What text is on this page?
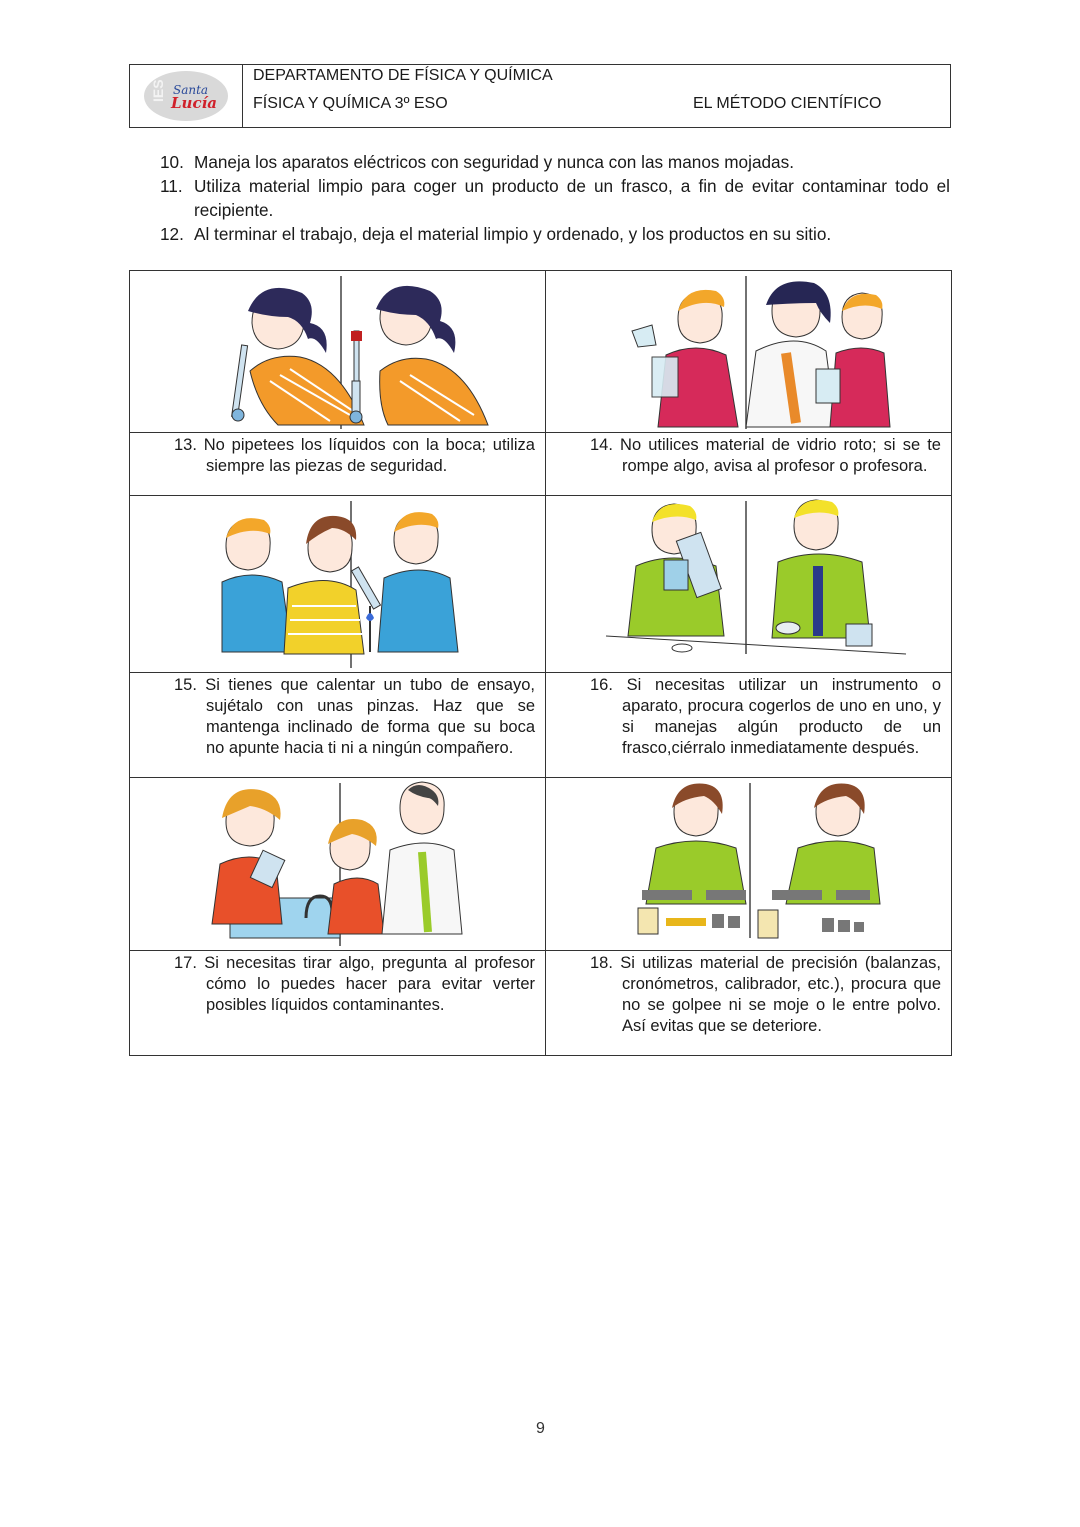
IES Santa
Lucía
DEPARTAMENTO DE FÍSICA Y QUÍMICA
FÍSICA Y QUÍMICA 3º ESO	EL MÉTODO CIENTÍFICO
10. Maneja los aparatos eléctricos con seguridad y nunca con las manos mojadas.
11. Utiliza material limpio para coger un producto de un frasco, a fin de evitar contaminar todo el recipiente.
12. Al terminar el trabajo, deja el material limpio y ordenado, y los productos en su sitio.

13. No pipetees los líquidos con la boca; utiliza siempre las piezas de seguridad.	14. No utilices material de vidrio roto; si se te rompe algo, avisa al profesor o profesora.

15. Si tienes que calentar un tubo de ensayo, sujétalo con unas pinzas. Haz que se mantenga inclinado de forma que su boca no apunte hacia ti ni a ningún compañero.	16. Si necesitas utilizar un instrumento o aparato, procura cogerlos de uno en uno, y si manejas algún producto de un frasco,ciérralo inmediatamente después.

17. Si necesitas tirar algo, pregunta al profesor cómo lo puedes hacer para evitar verter posibles líquidos contaminantes.	18. Si utilizas material de precisión (balanzas, cronómetros, calibrador, etc.), procura que no se golpee ni se moje o le entre polvo. Así evitas que se deteriore.
9
